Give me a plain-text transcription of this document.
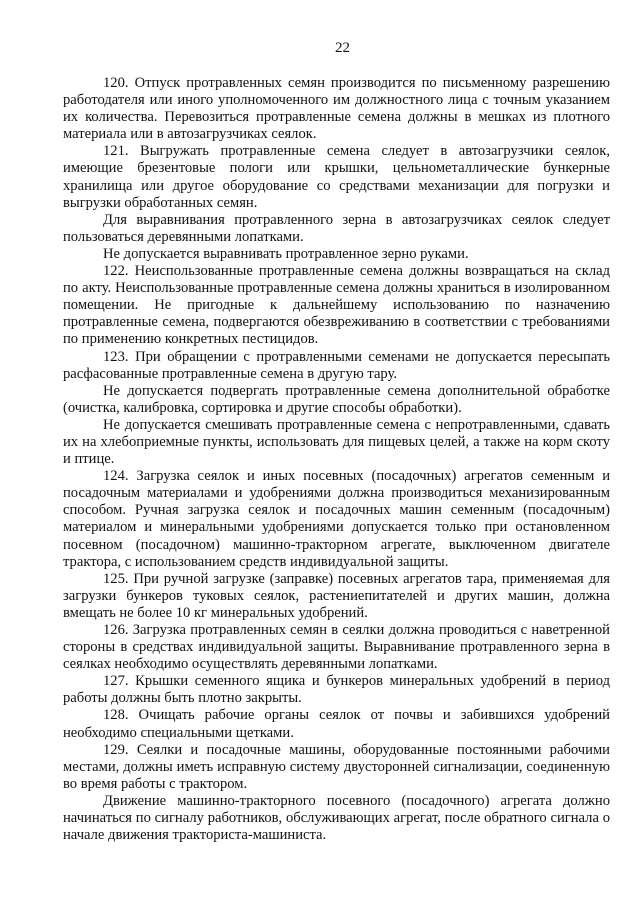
22

120. Отпуск протравленных семян производится по письменному разрешению работодателя или иного уполномоченного им должностного лица с точным указанием их количества. Перевозиться протравленные семена должны в мешках из плотного материала или в автозагрузчиках сеялок.

121. Выгружать протравленные семена следует в автозагрузчики сеялок, имеющие брезентовые пологи или крышки, цельнометаллические бункерные хранилища или другое оборудование со средствами механизации для погрузки и выгрузки обработанных семян.

Для выравнивания протравленного зерна в автозагрузчиках сеялок следует пользоваться деревянными лопатками.

Не допускается выравнивать протравленное зерно руками.

122. Неиспользованные протравленные семена должны возвращаться на склад по акту. Неиспользованные протравленные семена должны храниться в изолированном помещении. Не пригодные к дальнейшему использованию по назначению протравленные семена, подвергаются обезвреживанию в соответствии с требованиями по применению конкретных пестицидов.

123. При обращении с протравленными семенами не допускается пересыпать расфасованные протравленные семена в другую тару.

Не допускается подвергать протравленные семена дополнительной обработке (очистка, калибровка, сортировка и другие способы обработки).

Не допускается смешивать протравленные семена с непротравленными, сдавать их на хлебоприемные пункты, использовать для пищевых целей, а также на корм скоту и птице.

124. Загрузка сеялок и иных посевных (посадочных) агрегатов семенным и посадочным материалами и удобрениями должна производиться механизированным способом. Ручная загрузка сеялок и посадочных машин семенным (посадочным) материалом и минеральными удобрениями допускается только при остановленном посевном (посадочном) машинно-тракторном агрегате, выключенном двигателе трактора, с использованием средств индивидуальной защиты.

125. При ручной загрузке (заправке) посевных агрегатов тара, применяемая для загрузки бункеров туковых сеялок, растениепитателей и других машин, должна вмещать не более 10 кг минеральных удобрений.

126. Загрузка протравленных семян в сеялки должна проводиться с наветренной стороны в средствах индивидуальной защиты. Выравнивание протравленного зерна в сеялках необходимо осуществлять деревянными лопатками.

127. Крышки семенного ящика и бункеров минеральных удобрений в период работы должны быть плотно закрыты.

128. Очищать рабочие органы сеялок от почвы и забившихся удобрений необходимо специальными щетками.

129. Сеялки и посадочные машины, оборудованные постоянными рабочими местами, должны иметь исправную систему двусторонней сигнализации, соединенную во время работы с трактором.

Движение машинно-тракторного посевного (посадочного) агрегата должно начинаться по сигналу работников, обслуживающих агрегат, после обратного сигнала о начале движения тракториста-машиниста.
